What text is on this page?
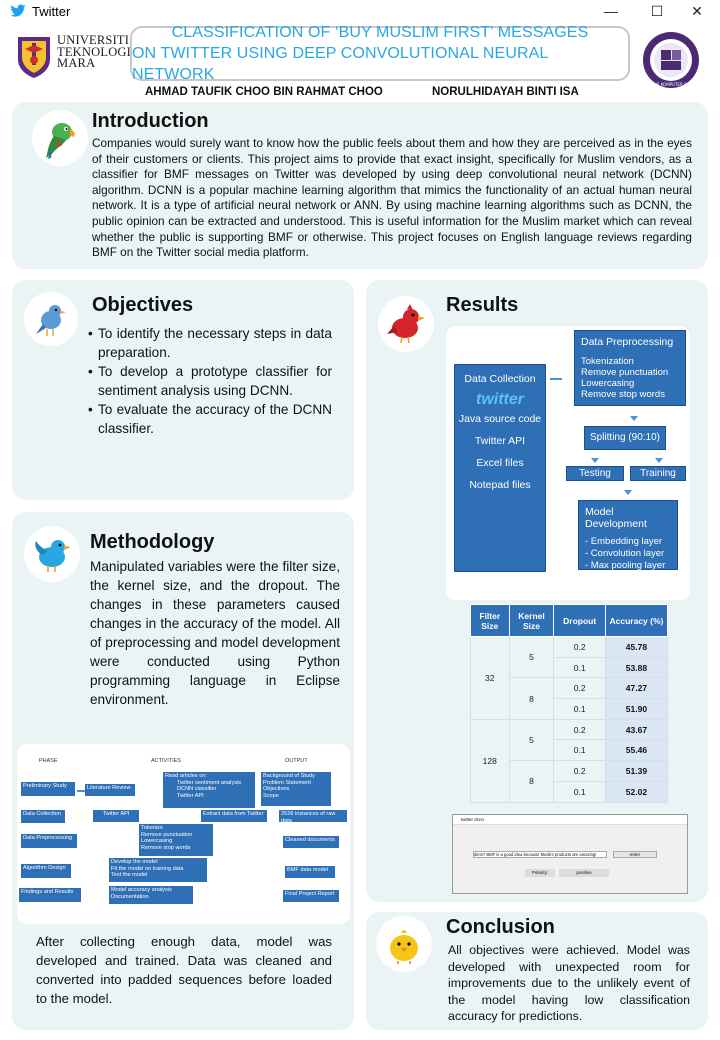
Twitter	—	☐	✕
UNIVERSITI
TEKNOLOGI
MARA
CLASSIFICATION OF ‘BUY MUSLIM FIRST’ MESSAGES
ON TWITTER USING DEEP CONVOLUTIONAL NEURAL NETWORK
FAKULTI SAINS KOMPUTER & MATEMATIK
AHMAD TAUFIK CHOO BIN RAHMAT CHOO	NORULHIDAYAH BINTI ISA
Introduction
Companies would surely want to know how the public feels about them and how they are perceived as in the eyes of their customers or clients. This project aims to provide that exact insight, specifically for Muslim vendors, as a classifier for BMF messages on Twitter was developed by using deep convolutional neural network (DCNN) algorithm. DCNN is a popular machine learning algorithm that mimics the functionality of an actual human neural network. It is a type of artificial neural network or ANN. By using machine learning algorithms such as DCNN, the public opinion can be extracted and understood. This is useful information for the Muslim market which can reveal whether the public is supporting BMF or otherwise. This project focuses on English language reviews regarding BMF on the Twitter social media platform.
Objectives
• To identify the necessary steps in data preparation.
• To develop a prototype classifier for sentiment analysis using DCNN.
• To evaluate the accuracy of the DCNN classifier.
Methodology
Manipulated variables were the filter size, the kernel size, and the dropout. The changes in these parameters caused changes in the accuracy of the model. All of preprocessing and model development were conducted using Python programming language in Eclipse environment.
PHASE	ACTIVITIES	OUTPUT
Preliminary Study
Data Collection
Data Preprocessing
Algorithm Design
Findings and Results
Literature Review
Read articles on:
Twitter sentiment analysis
DCNN classifier
Twitter API
Background of Study
Problem Statement
Objectives
Scope
Twitter API	Extract data from Twitter	2526 instances of raw data
Tokenize
Remove punctuation
Lowercasing
Remove stop words
Cleaned documents
Develop the model
Fit the model on training data
Test the model
BMF data model
Model accuracy analysis
Documentation	Final Project Report
After collecting enough data, model was developed and trained. Data was cleaned and converted into padded sequences before loaded to the model.
Results
Data Collection
twitter
Java source code
Twitter API
Excel files
Notepad files
Data Preprocessing
Tokenization
Remove punctuation
Lowercasing
Remove stop words
Splitting (90:10)
Testing	Training
Model Development
- Embedding layer
- Convolution layer
- Max pooling layer
Filter Size	Kernel Size	Dropout	Accuracy (%)
32	5	0.2	45.78
		0.1	53.88
	8	0.2	47.27
		0.1	51.90
128	5	0.2	43.67
		0.1	55.46
	8	0.2	51.39
		0.1	52.02
twitter dcnn
dims? BMF is a good idea because Muslim products are amazing!	enter
Polarity:	positive
Conclusion
All objectives were achieved. Model was developed with unexpected room for improvements due to the unlikely event of the model having low classification accuracy for predictions.
